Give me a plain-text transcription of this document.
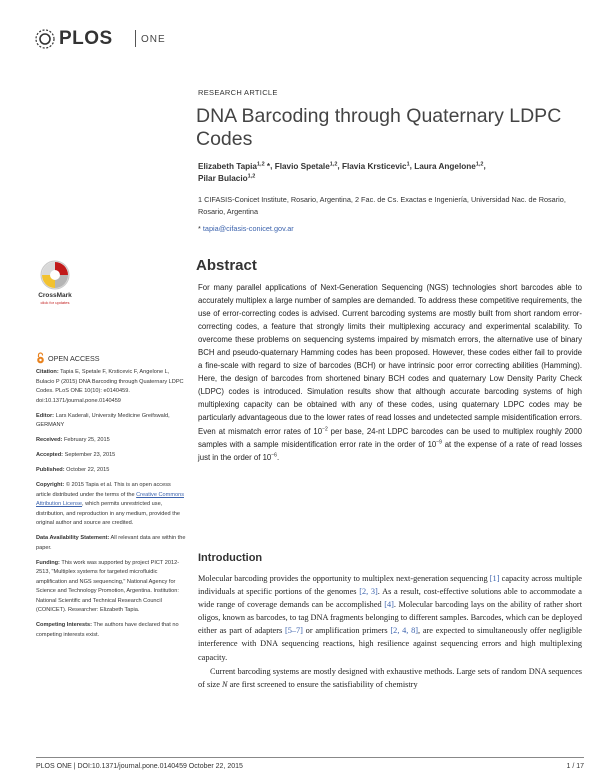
PLOS	ONE
RESEARCH ARTICLE
DNA Barcoding through Quaternary LDPC Codes
Elizabeth Tapia$^{1,2}$ *, Flavio Spetale$^{1,2}$, Flavia Krsticevic$^1$, Laura Angelone$^{1,2}$,
Pilar Bulacio$^{1,2}$
1 CIFASIS-Conicet Institute, Rosario, Argentina, 2 Fac. de Cs. Exactas e Ingeniería, Universidad Nac. de Rosario, Rosario, Argentina
* tapia@cifasis-conicet.gov.ar
CrossMark
click for updates
OPEN ACCESS
Citation: Tapia E, Spetale F, Krsticevic F, Angelone L, Bulacio P (2015) DNA Barcoding through Quaternary LDPC Codes. PLoS ONE 10(10): e0140459. doi:10.1371/journal.pone.0140459
Editor: Lars Kaderali, University Medicine Greifswald, GERMANY
Received: February 25, 2015
Accepted: September 23, 2015
Published: October 22, 2015
Copyright: © 2015 Tapia et al. This is an open access article distributed under the terms of the Creative Commons Attribution License, which permits unrestricted use, distribution, and reproduction in any medium, provided the original author and source are credited.
Data Availability Statement: All relevant data are within the paper.
Funding: This work was supported by project PICT 2012-2513, "Multiplex systems for targeted microfluidic amplification and NGS sequencing," National Agency for Science and Technology Promotion, Argentina. Institution: National Scientific and Technical Research Council (CONICET). Researcher: Elizabeth Tapia.
Competing Interests: The authors have declared that no competing interests exist.
Abstract
For many parallel applications of Next-Generation Sequencing (NGS) technologies short barcodes able to accurately multiplex a large number of samples are demanded. To address these competitive requirements, the use of error-correcting codes is advised. Current barcoding systems are mostly built from short random error-correcting codes, a feature that strongly limits their multiplexing accuracy and experimental scalability. To overcome these problems on sequencing systems impaired by mismatch errors, the alternative use of binary BCH and pseudo-quaternary Hamming codes has been proposed. However, these codes either fail to provide a fine-scale with regard to size of barcodes (BCH) or have intrinsic poor error correcting abilities (Hamming). Here, the design of barcodes from shortened binary BCH codes and quaternary Low Density Parity Check (LDPC) codes is introduced. Simulation results show that although accurate barcoding systems of high multiplexing capacity can be obtained with any of these codes, using quaternary LDPC codes may be particularly advantageous due to the lower rates of read losses and undetected sample misidentification errors. Even at mismatch error rates of $10^{-2}$ per base, 24-nt LDPC barcodes can be used to multiplex roughly 2000 samples with a sample misidentification error rate in the order of $10^{-9}$ at the expense of a rate of read losses just in the order of $10^{-6}$.
Introduction

Molecular barcoding provides the opportunity to multiplex next-generation sequencing [1] capacity across multiple individuals at specific portions of the genomes [2, 3]. As a result, cost-effective solutions able to accommodate a wide range of coverage demands can be accomplished [4]. Molecular barcoding lays on the ability of rather short oligos, known as barcodes, to tag DNA fragments belonging to different samples. Barcodes, which can be deployed either as part of adapters [5–7] or amplification primers [2, 4, 8], are expected to simultaneously offer negligible interference with DNA sequencing reactions, high resilience against sequencing errors and high multiplexing capacity.

Current barcoding systems are mostly designed with exhaustive methods. Large sets of random DNA sequences of size N are first screened to ensure the satisfiability of chemistry

PLOS ONE | DOI:10.1371/journal.pone.0140459 October 22, 2015	1 / 17
